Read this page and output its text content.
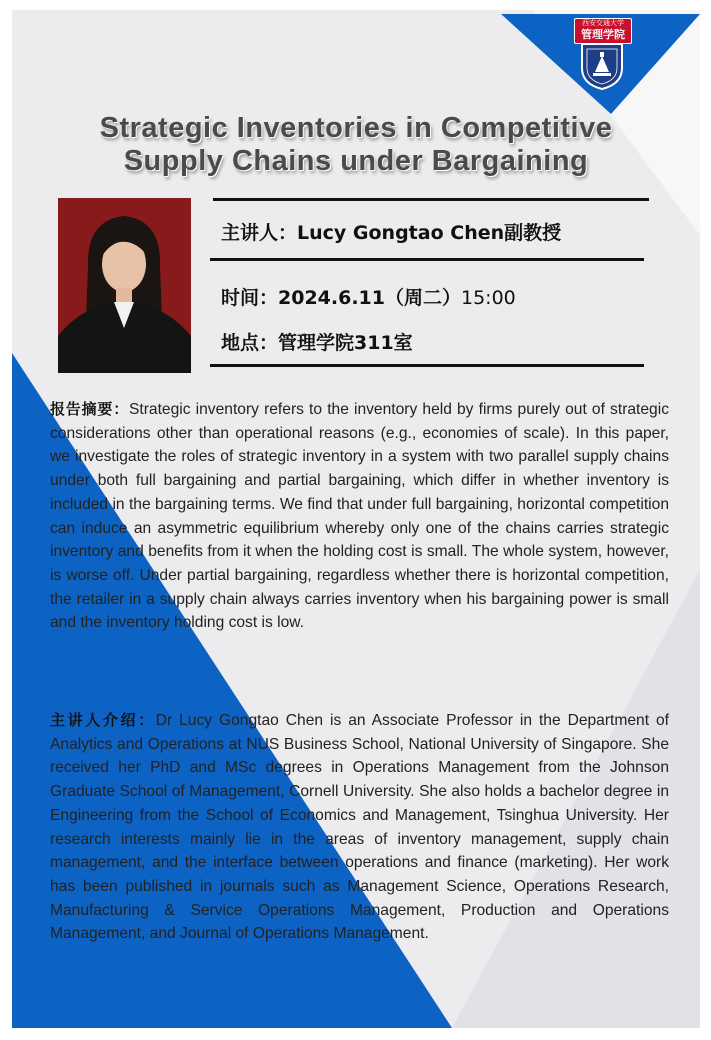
西安交通大学
管理学院
Strategic Inventories in Competitive
Supply Chains under Bargaining

主讲人：Lucy Gongtao Chen副教授

时间：2024.6.11（周二）15:00

地点：管理学院311室

报告摘要：Strategic inventory refers to the inventory held by firms purely out of strategic considerations other than operational reasons (e.g., economies of scale). In this paper, we investigate the roles of strategic inventory in a system with two parallel supply chains under both full bargaining and partial bargaining, which differ in whether inventory is included in the bargaining terms. We find that under full bargaining, horizontal competition can induce an asymmetric equilibrium whereby only one of the chains carries strategic inventory and benefits from it when the holding cost is small. The whole system, however, is worse off. Under partial bargaining, regardless whether there is horizontal competition, the retailer in a supply chain always carries inventory when his bargaining power is small and the inventory holding cost is low.

主讲人介绍：Dr Lucy Gongtao Chen is an Associate Professor in the Department of Analytics and Operations at NUS Business School, National University of Singapore. She received her PhD and MSc degrees in Operations Management from the Johnson Graduate School of Management, Cornell University. She also holds a bachelor degree in Engineering from the School of Economics and Management, Tsinghua University. Her research interests mainly lie in the areas of inventory management, supply chain management, and the interface between operations and finance (marketing). Her work has been published in journals such as Management Science, Operations Research, Manufacturing & Service Operations Management, Production and Operations Management, and Journal of Operations Management.
